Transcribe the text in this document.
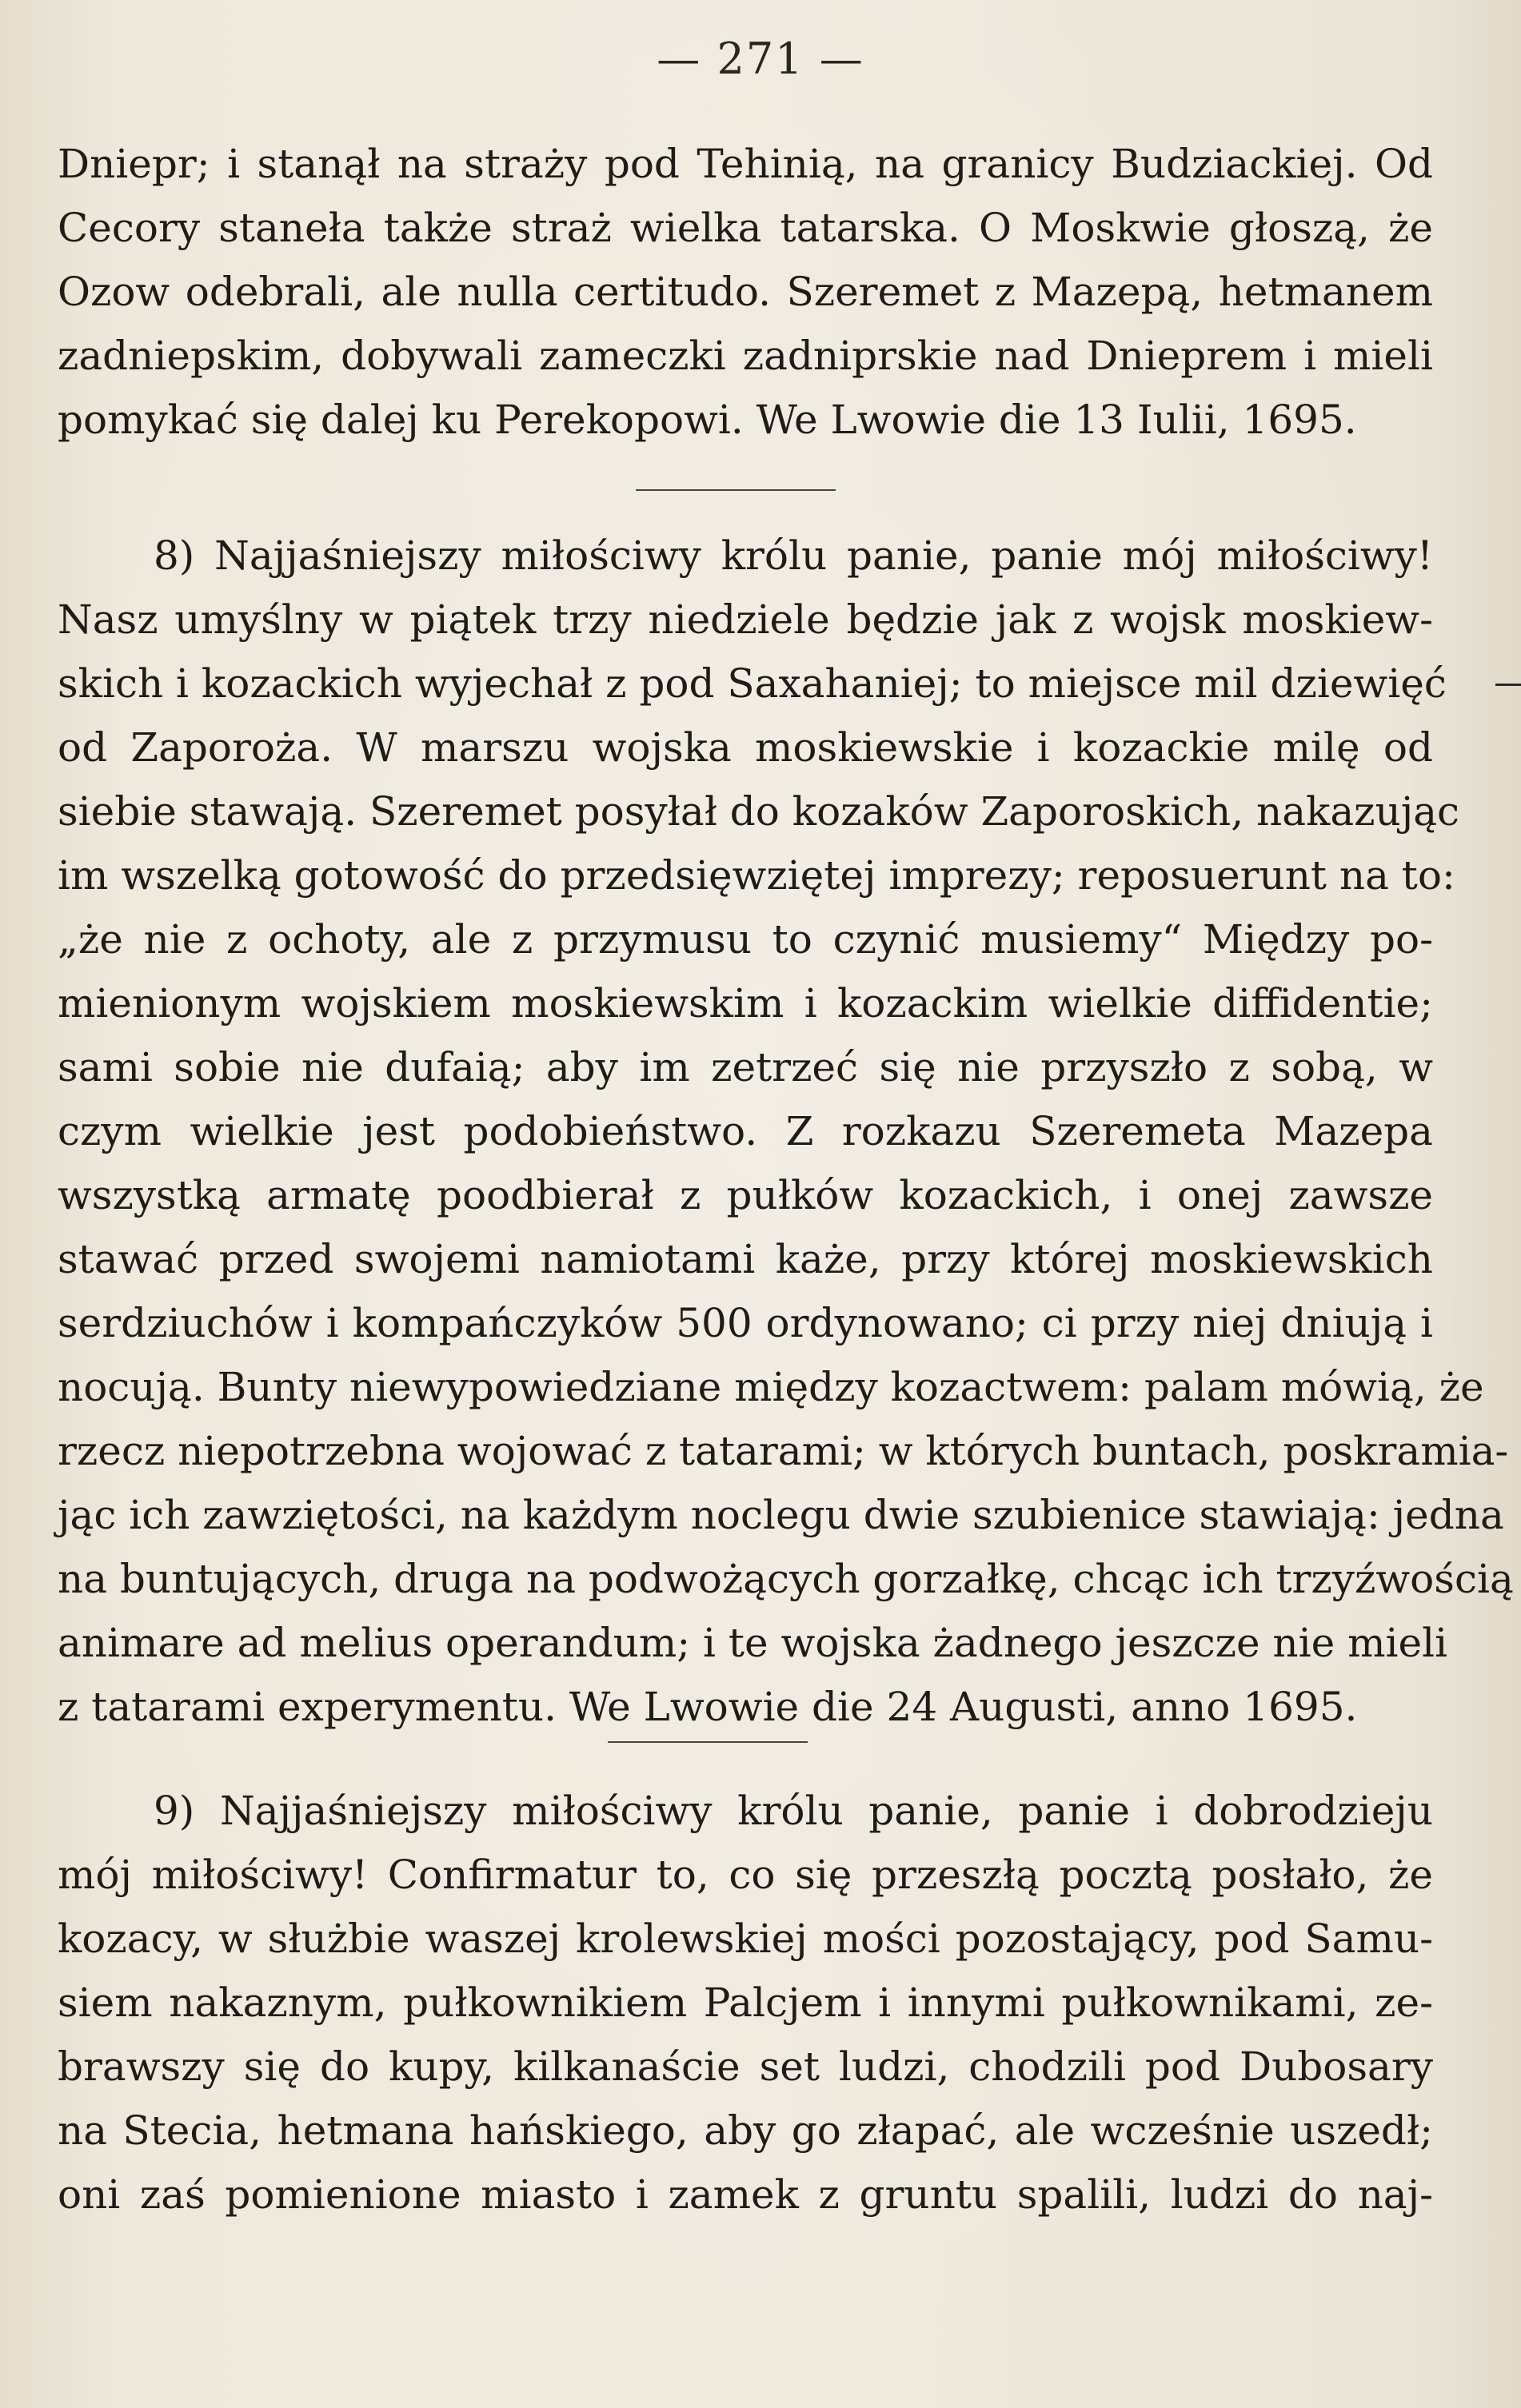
— 271 —
Dniepr; i stanął na straży pod Tehinią, na granicy Budziackiej. Od
Cecory staneła także straż wielka tatarska. O Moskwie głoszą, że
Ozow odebrali, ale nulla certitudo. Szeremet z Mazepą, hetmanem
zadniepskim, dobywali zameczki zadniprskie nad Dnieprem i mieli
pomykać się dalej ku Perekopowi. We Lwowie die 13 Iulii, 1695.
8) Najjaśniejszy miłościwy królu panie, panie mój miłościwy!
Nasz umyślny w piątek trzy niedziele będzie jak z wojsk moskiew-
skich i kozackich wyjechał z pod Saxahaniej; to miejsce mil dziewięć
od Zaporoża. W marszu wojska moskiewskie i kozackie milę od
siebie stawają. Szeremet posyłał do kozaków Zaporoskich, nakazując
im wszelką gotowość do przedsięwziętej imprezy; reposuerunt na to:
„że nie z ochoty, ale z przymusu to czynić musiemy“ Między po-
mienionym wojskiem moskiewskim i kozackim wielkie diffidentie;
sami sobie nie dufaią; aby im zetrzeć się nie przyszło z sobą, w
czym wielkie jest podobieństwo. Z rozkazu Szeremeta Mazepa
wszystką armatę poodbierał z pułków kozackich, i onej zawsze
stawać przed swojemi namiotami każe, przy której moskiewskich
serdziuchów i kompańczyków 500 ordynowano; ci przy niej dniują i
nocują. Bunty niewypowiedziane między kozactwem: palam mówią, że
rzecz niepotrzebna wojować z tatarami; w których buntach, poskramia-
jąc ich zawziętości, na każdym noclegu dwie szubienice stawiają: jedna
na buntujących, druga na podwożących gorzałkę, chcąc ich trzyźwością
animare ad melius operandum; i te wojska żadnego jeszcze nie mieli
z tatarami experymentu. We Lwowie die 24 Augusti, anno 1695.
9) Najjaśniejszy miłościwy królu panie, panie i dobrodzieju
mój miłościwy! Confirmatur to, co się przeszłą pocztą posłało, że
kozacy, w służbie waszej krolewskiej mości pozostający, pod Samu-
siem nakaznym, pułkownikiem Palcjem i innymi pułkownikami, ze-
brawszy się do kupy, kilkanaście set ludzi, chodzili pod Dubosary
na Stecia, hetmana hańskiego, aby go złapać, ale wcześnie uszedł;
oni zaś pomienione miasto i zamek z gruntu spalili, ludzi do naj-
